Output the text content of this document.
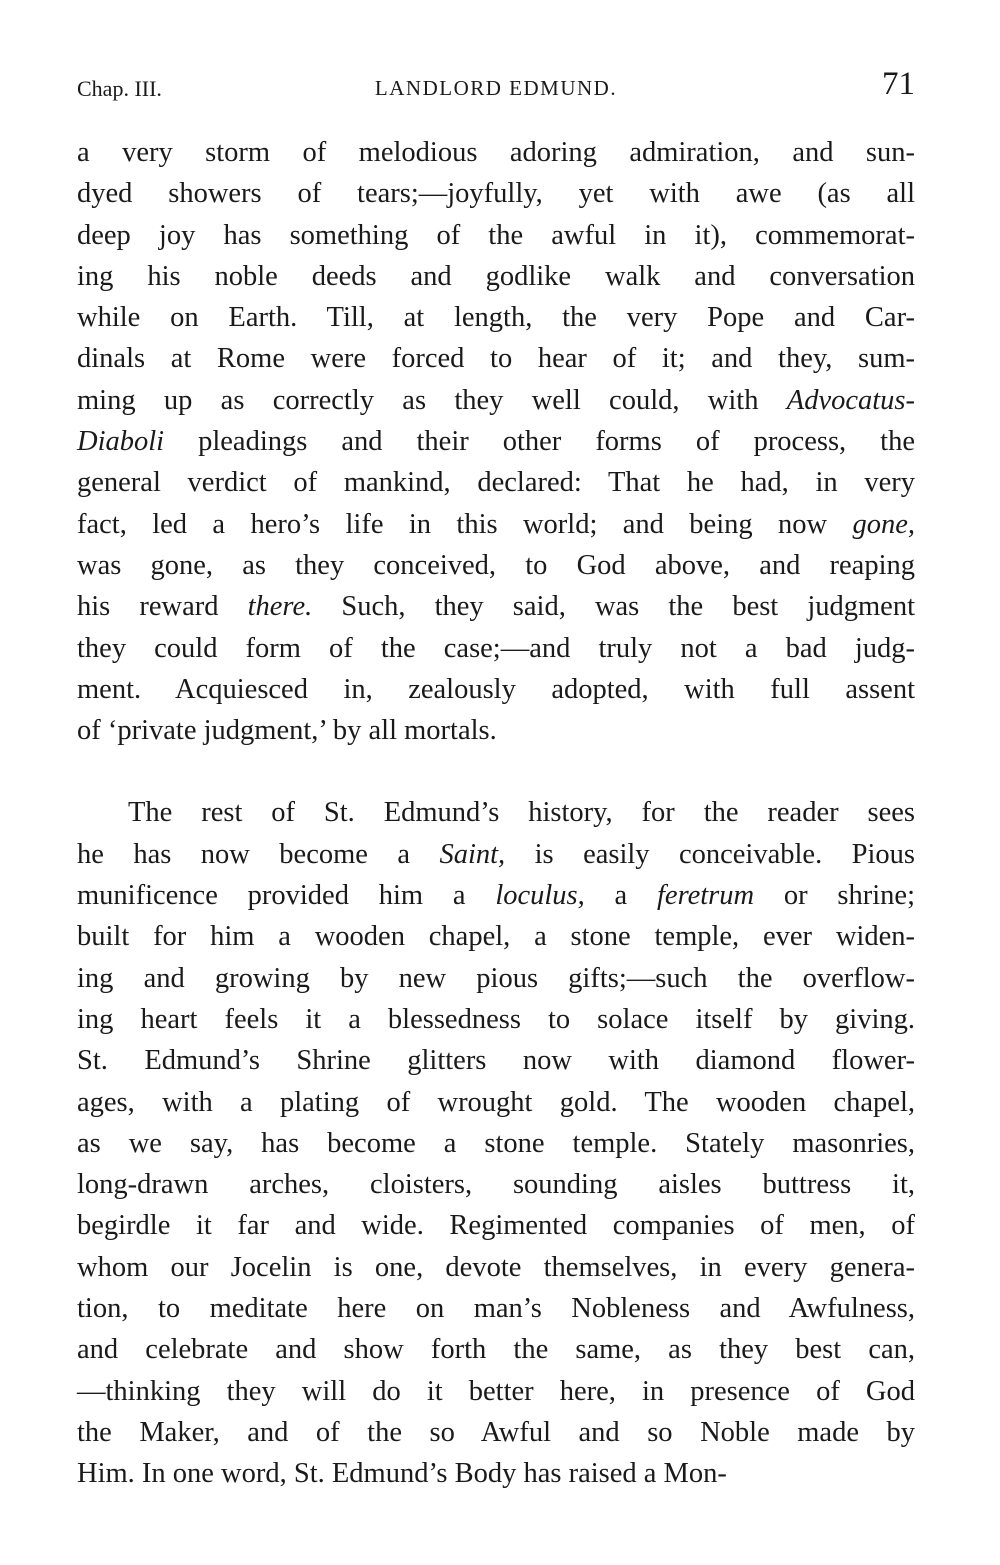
Chap. III.	LANDLORD EDMUND.	71
a very storm of melodious adoring admiration, and sun-
dyed showers of tears;—joyfully, yet with awe (as all
deep joy has something of the awful in it), commemorat-
ing his noble deeds and godlike walk and conversation
while on Earth. Till, at length, the very Pope and Car-
dinals at Rome were forced to hear of it; and they, sum-
ming up as correctly as they well could, with Advocatus-
Diaboli pleadings and their other forms of process, the
general verdict of mankind, declared: That he had, in very
fact, led a hero’s life in this world; and being now gone,
was gone, as they conceived, to God above, and reaping
his reward there. Such, they said, was the best judgment
they could form of the case;—and truly not a bad judg-
ment. Acquiesced in, zealously adopted, with full assent
of ‘private judgment,’ by all mortals.
The rest of St. Edmund’s history, for the reader sees
he has now become a Saint, is easily conceivable. Pious
munificence provided him a loculus, a feretrum or shrine;
built for him a wooden chapel, a stone temple, ever widen-
ing and growing by new pious gifts;—such the overflow-
ing heart feels it a blessedness to solace itself by giving.
St. Edmund’s Shrine glitters now with diamond flower-
ages, with a plating of wrought gold. The wooden chapel,
as we say, has become a stone temple. Stately masonries,
long-drawn arches, cloisters, sounding aisles buttress it,
begirdle it far and wide. Regimented companies of men, of
whom our Jocelin is one, devote themselves, in every genera-
tion, to meditate here on man’s Nobleness and Awfulness,
and celebrate and show forth the same, as they best can,
—thinking they will do it better here, in presence of God
the Maker, and of the so Awful and so Noble made by
Him. In one word, St. Edmund’s Body has raised a Mon-
